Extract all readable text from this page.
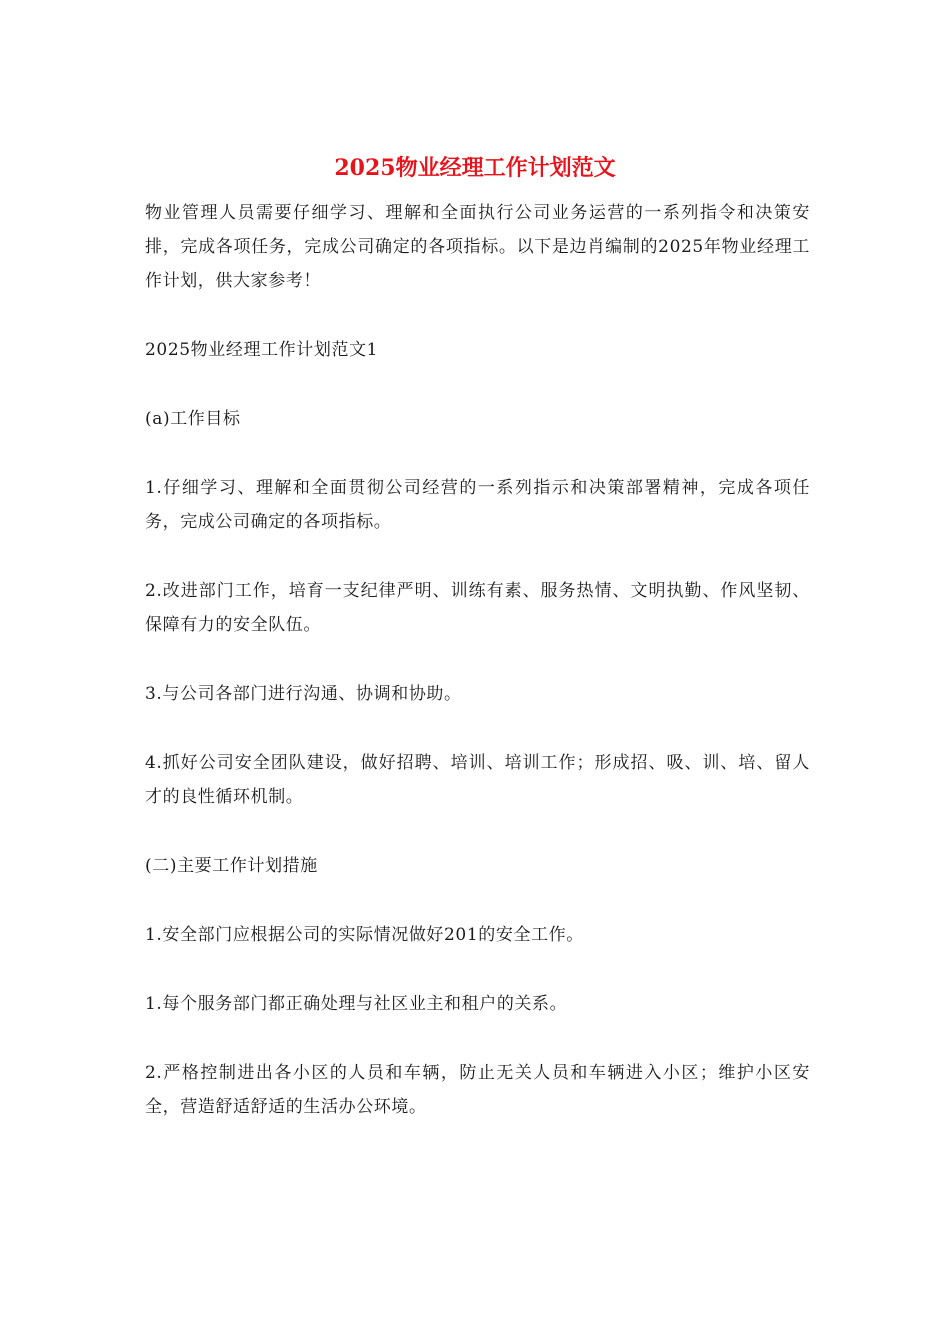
2025物业经理工作计划范文

物业管理人员需要仔细学习、理解和全面执行公司业务运营的一系列指令和决策安排，完成各项任务，完成公司确定的各项指标。以下是边肖编制的2025年物业经理工作计划，供大家参考！

2025物业经理工作计划范文1

(a)工作目标

1.仔细学习、理解和全面贯彻公司经营的一系列指示和决策部署精神，完成各项任务，完成公司确定的各项指标。

2.改进部门工作，培育一支纪律严明、训练有素、服务热情、文明执勤、作风坚韧、保障有力的安全队伍。

3.与公司各部门进行沟通、协调和协助。

4.抓好公司安全团队建设，做好招聘、培训、培训工作；形成招、吸、训、培、留人才的良性循环机制。

(二)主要工作计划措施

1.安全部门应根据公司的实际情况做好201的安全工作。

1.每个服务部门都正确处理与社区业主和租户的关系。

2.严格控制进出各小区的人员和车辆，防止无关人员和车辆进入小区；维护小区安全，营造舒适舒适的生活办公环境。
